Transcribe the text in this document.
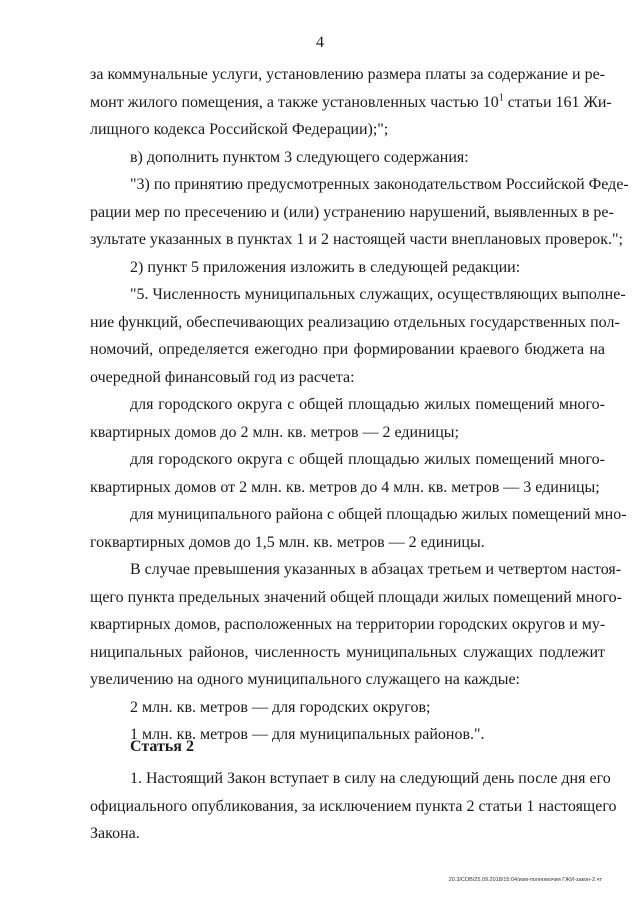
4
за коммунальные услуги, установлению размера платы за содержание и ре-
монт жилого помещения, а также установленных частью $10^1$ статьи 161 Жи-
лищного кодекса Российской Федерации);";
в) дополнить пунктом 3 следующего содержания:
"3) по принятию предусмотренных законодательством Российской Феде-
рации мер по пресечению и (или) устранению нарушений, выявленных в ре-
зультате указанных в пунктах 1 и 2 настоящей части внеплановых проверок.";
2) пункт 5 приложения изложить в следующей редакции:
"5. Численность муниципальных служащих, осуществляющих выполне-
ние функций, обеспечивающих реализацию отдельных государственных пол-
номочий, определяется ежегодно при формировании краевого бюджета на
очередной финансовый год из расчета:
для городского округа с общей площадью жилых помещений много-
квартирных домов до 2 млн. кв. метров — 2 единицы;
для городского округа с общей площадью жилых помещений много-
квартирных домов от 2 млн. кв. метров до 4 млн. кв. метров — 3 единицы;
для муниципального района с общей площадью жилых помещений мно-
гоквартирных домов до 1,5 млн. кв. метров — 2 единицы.
В случае превышения указанных в абзацах третьем и четвертом настоя-
щего пункта предельных значений общей площади жилых помещений много-
квартирных домов, расположенных на территории городских округов и му-
ниципальных районов, численность муниципальных служащих подлежит
увеличению на одного муниципального служащего на каждые:
2 млн. кв. метров — для городских округов;
1 млн. кв. метров — для муниципальных районов.".
Статья 2
1. Настоящий Закон вступает в силу на следующий день после дня его
официального опубликования, за исключением пункта 2 статьи 1 настоящего
Закона.
20.3/СОВ/25.09.2018/15:04/изм-полномочия ГЖИ-закон-2.чт
